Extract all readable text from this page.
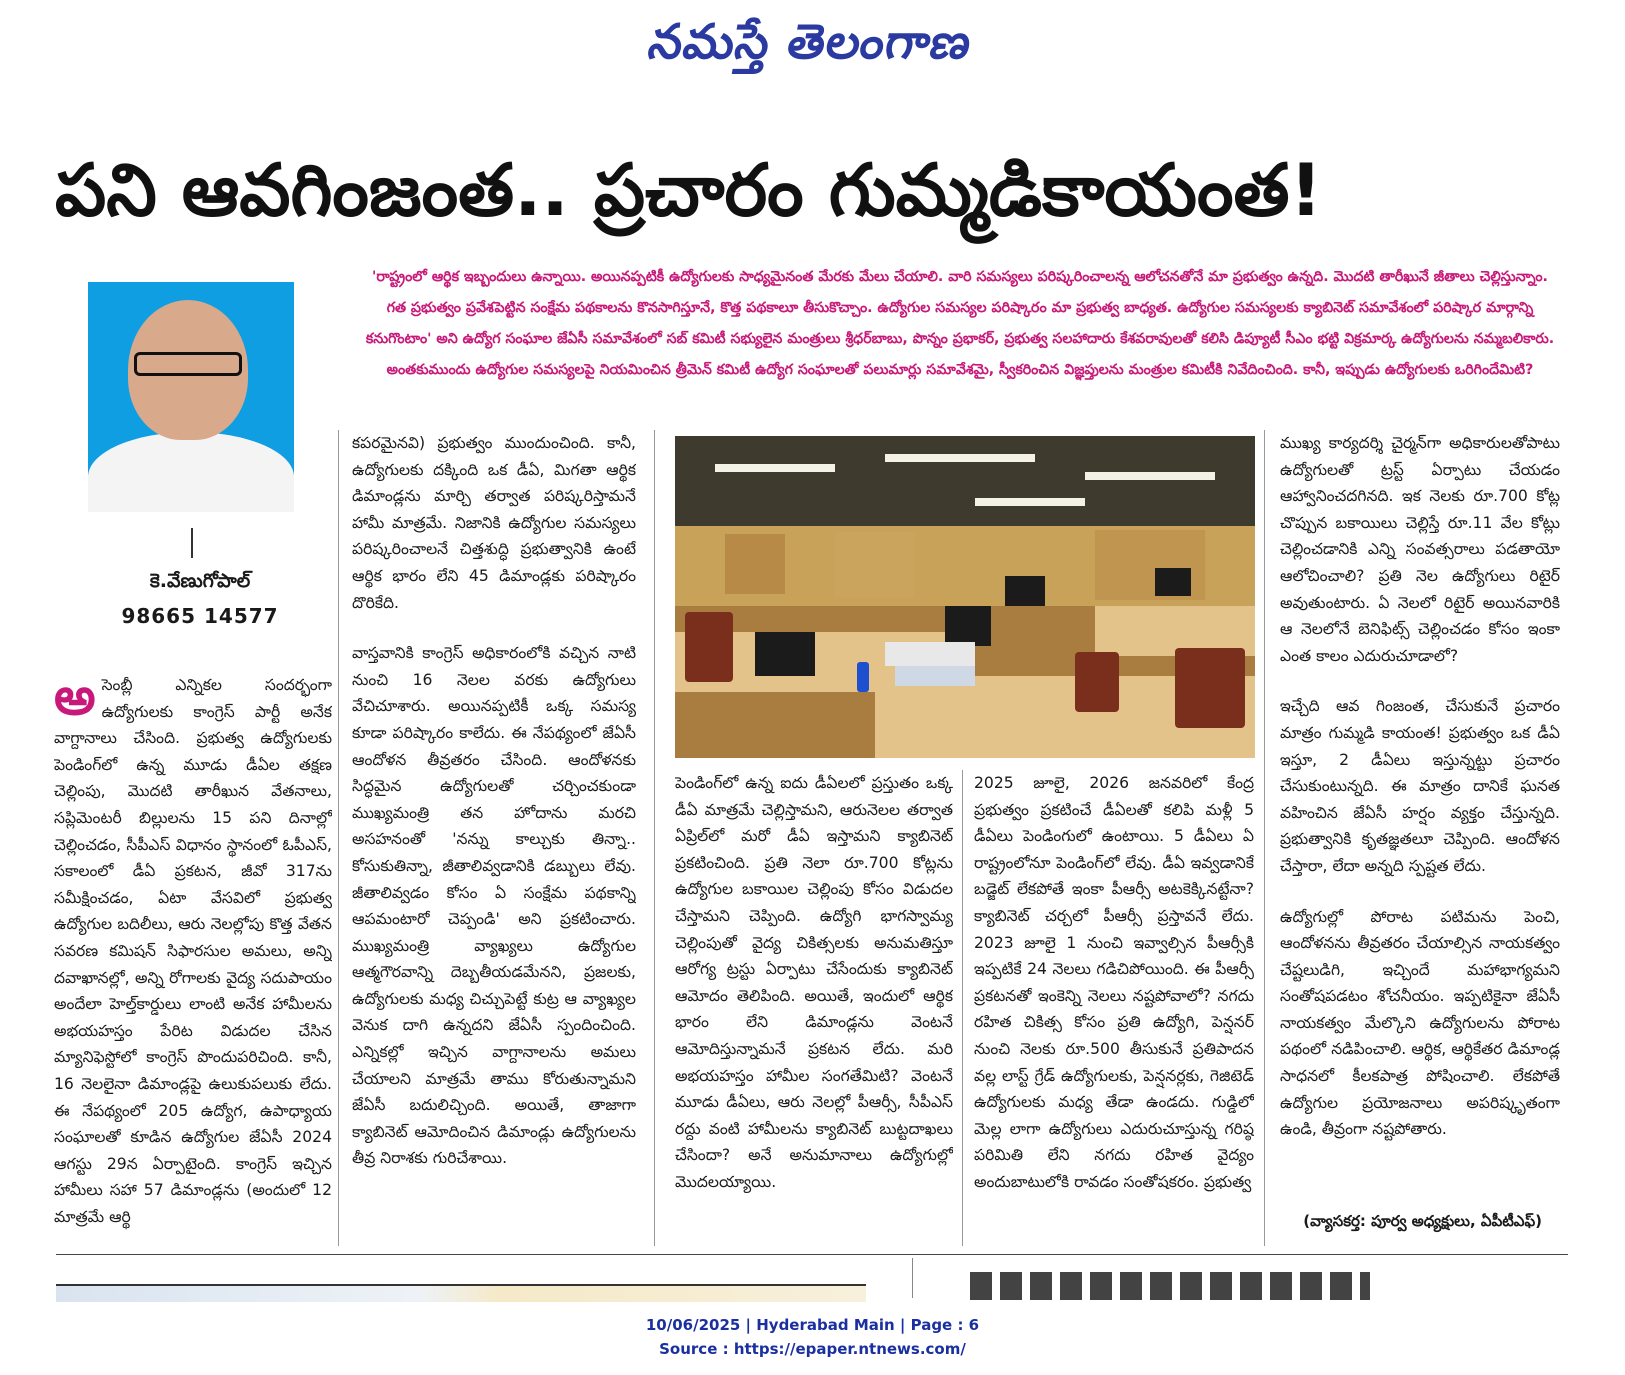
నమస్తే తెలంగాణ
పని ఆవగింజంత.. ప్రచారం గుమ్మడికాయంత!
'రాష్ట్రంలో ఆర్థిక ఇబ్బందులు ఉన్నాయి. అయినప్పటికీ ఉద్యోగులకు సాధ్యమైనంత మేరకు మేలు చేయాలి. వారి సమస్యలు పరిష్కరించాలన్న ఆలోచనతోనే మా ప్రభుత్వం ఉన్నది. మొదటి తారీఖునే జీతాలు చెల్లిస్తున్నాం. గత ప్రభుత్వం ప్రవేశపెట్టిన సంక్షేమ పథకాలను కొనసాగిస్తూనే, కొత్త పథకాలూ తీసుకొచ్చాం. ఉద్యోగుల సమస్యల పరిష్కారం మా ప్రభుత్వ బాధ్యత. ఉద్యోగుల సమస్యలకు క్యాబినెట్ సమావేశంలో పరిష్కార మార్గాన్ని కనుగొంటాం' అని ఉద్యోగ సంఘాల జేఏసీ సమావేశంలో సబ్ కమిటీ సభ్యులైన మంత్రులు శ్రీధర్‌బాబు, పొన్నం ప్రభాకర్, ప్రభుత్వ సలహాదారు కేశవరావులతో కలిసి డిప్యూటీ సీఎం భట్టి విక్రమార్క ఉద్యోగులను నమ్మబలికారు. అంతకుముందు ఉద్యోగుల సమస్యలపై నియమించిన త్రీమెన్ కమిటీ ఉద్యోగ సంఘాలతో పలుమార్లు సమావేశమై, స్వీకరించిన విజ్ఞప్తులను మంత్రుల కమిటీకి నివేదించింది. కానీ, ఇప్పుడు ఉద్యోగులకు ఒరిగిందేమిటి?
కె.వేణుగోపాల్
98665 14577
అ సెంబ్లీ ఎన్నికల సందర్భంగా ఉద్యోగులకు కాంగ్రెస్ పార్టీ అనేక వాగ్దానాలు చేసింది. ప్రభుత్వ ఉద్యోగులకు పెండింగ్‌లో ఉన్న మూడు డీఏల తక్షణ చెల్లింపు, మొదటి తారీఖున వేతనాలు, సప్లిమెంటరీ బిల్లులను 15 పని దినాల్లో చెల్లించడం, సీపీఎస్ విధానం స్థానంలో ఓపీఎస్, సకాలంలో డీఏ ప్రకటన, జీవో 317ను సమీక్షించడం, ఏటా వేసవిలో ప్రభుత్వ ఉద్యోగుల బదిలీలు, ఆరు నెలల్లోపు కొత్త వేతన సవరణ కమిషన్ సిఫారసుల అమలు, అన్ని దవాఖానల్లో, అన్ని రోగాలకు వైద్య సదుపాయం అందేలా హెల్త్‌కార్డులు లాంటి అనేక హామీలను అభయహస్తం పేరిట విడుదల చేసిన మ్యానిఫెస్టోలో కాంగ్రెస్ పొందుపరిచింది. కానీ, 16 నెలలైనా డిమాండ్లపై ఉలుకుపలుకు లేదు. ఈ నేపథ్యంలో 205 ఉద్యోగ, ఉపాధ్యాయ సంఘాలతో కూడిన ఉద్యోగుల జేఏసీ 2024 ఆగస్టు 29న ఏర్పాటైంది. కాంగ్రెస్ ఇచ్చిన హామీలు సహా 57 డిమాండ్లను (అందులో 12 మాత్రమే ఆర్థి

కపరమైనవి) ప్రభుత్వం ముందుంచింది. కానీ, ఉద్యోగులకు దక్కింది ఒక డీఏ, మిగతా ఆర్థిక డిమాండ్లను మార్చి తర్వాత పరిష్కరిస్తామనే హామీ మాత్రమే. నిజానికి ఉద్యోగుల సమస్యలు పరిష్కరించాలనే చిత్తశుద్ధి ప్రభుత్వానికి ఉంటే ఆర్థిక భారం లేని 45 డిమాండ్లకు పరిష్కారం దొరికేది.

వాస్తవానికి కాంగ్రెస్ అధికారంలోకి వచ్చిన నాటి నుంచి 16 నెలల వరకు ఉద్యోగులు వేచిచూశారు. అయినప్పటికీ ఒక్క సమస్య కూడా పరిష్కారం కాలేదు. ఈ నేపథ్యంలో జేఏసీ ఆందోళన తీవ్రతరం చేసింది. ఆందోళనకు సిద్ధమైన ఉద్యోగులతో చర్చించకుండా ముఖ్యమంత్రి తన హోదాను మరచి అసహనంతో 'నన్ను కాల్చుకు తిన్నా.. కోసుకుతిన్నా, జీతాలివ్వడానికి డబ్బులు లేవు. జీతాలివ్వడం కోసం ఏ సంక్షేమ పథకాన్ని ఆపమంటారో చెప్పండి' అని ప్రకటించారు. ముఖ్యమంత్రి వ్యాఖ్యలు ఉద్యోగుల ఆత్మగౌరవాన్ని దెబ్బతీయడమేనని, ప్రజలకు, ఉద్యోగులకు మధ్య చిచ్చుపెట్టే కుట్ర ఆ వ్యాఖ్యల వెనుక దాగి ఉన్నదని జేఏసీ స్పందించింది. ఎన్నికల్లో ఇచ్చిన వాగ్దానాలను అమలు చేయాలని మాత్రమే తాము కోరుతున్నామని జేఏసీ బదులిచ్చింది. అయితే, తాజాగా క్యాబినెట్ ఆమోదించిన డిమాండ్లు ఉద్యోగులను తీవ్ర నిరాశకు గురిచేశాయి.

పెండింగ్‌లో ఉన్న ఐదు డీఏలలో ప్రస్తుతం ఒక్క డీఏ మాత్రమే చెల్లిస్తామని, ఆరునెలల తర్వాత ఏప్రిల్‌లో మరో డీఏ ఇస్తామని క్యాబినెట్ ప్రకటించింది. ప్రతి నెలా రూ.700 కోట్లను ఉద్యోగుల బకాయిల చెల్లింపు కోసం విడుదల చేస్తామని చెప్పింది. ఉద్యోగి భాగస్వామ్య చెల్లింపుతో వైద్య చికిత్సలకు అనుమతిస్తూ ఆరోగ్య ట్రస్టు ఏర్పాటు చేసేందుకు క్యాబినెట్ ఆమోదం తెలిపింది. అయితే, ఇందులో ఆర్థిక భారం లేని డిమాండ్లను వెంటనే ఆమోదిస్తున్నామనే ప్రకటన లేదు. మరి అభయహస్తం హామీల సంగతేమిటి? వెంటనే మూడు డీఏలు, ఆరు నెలల్లో పీఆర్సీ, సీపీఎస్ రద్దు వంటి హామీలను క్యాబినెట్ బుట్టదాఖలు చేసిందా? అనే అనుమానాలు ఉద్యోగుల్లో మొదలయ్యాయి.
2025 జూలై, 2026 జనవరిలో కేంద్ర ప్రభుత్వం ప్రకటించే డీఏలతో కలిపి మళ్లీ 5 డీఏలు పెండింగులో ఉంటాయి. 5 డీఏలు ఏ రాష్ట్రంలోనూ పెండింగ్‌లో లేవు. డీఏ ఇవ్వడానికే బడ్జెట్ లేకపోతే ఇంకా పీఆర్సీ అటకెక్కినట్టేనా? క్యాబినెట్ చర్చలో పీఆర్సీ ప్రస్తావనే లేదు. 2023 జూలై 1 నుంచి ఇవ్వాల్సిన పీఆర్సీకి ఇప్పటికే 24 నెలలు గడిచిపోయింది. ఈ పీఆర్సీ ప్రకటనతో ఇంకెన్ని నెలలు నష్టపోవాలో? నగదు రహిత చికిత్స కోసం ప్రతి ఉద్యోగి, పెన్షనర్ నుంచి నెలకు రూ.500 తీసుకునే ప్రతిపాదన వల్ల లాస్ట్ గ్రేడ్ ఉద్యోగులకు, పెన్షనర్లకు, గెజిటెడ్ ఉద్యోగులకు మధ్య తేడా ఉండదు. గుడ్డిలో మెల్ల లాగా ఉద్యోగులు ఎదురుచూస్తున్న గరిష్ఠ పరిమితి లేని నగదు రహిత వైద్యం అందుబాటులోకి రావడం సంతోషకరం. ప్రభుత్వ

ముఖ్య కార్యదర్శి చైర్మన్‌గా అధికారులతోపాటు ఉద్యోగులతో ట్రస్ట్ ఏర్పాటు చేయడం ఆహ్వానించదగినది. ఇక నెలకు రూ.700 కోట్ల చొప్పున బకాయిలు చెల్లిస్తే రూ.11 వేల కోట్లు చెల్లించడానికి ఎన్ని సంవత్సరాలు పడతాయో ఆలోచించాలి? ప్రతి నెల ఉద్యోగులు రిటైర్ అవుతుంటారు. ఏ నెలలో రిటైర్ అయినవారికి ఆ నెలలోనే బెనిఫిట్స్ చెల్లించడం కోసం ఇంకా ఎంత కాలం ఎదురుచూడాలో?

ఇచ్చేది ఆవ గింజంత, చేసుకునే ప్రచారం మాత్రం గుమ్మడి కాయంత! ప్రభుత్వం ఒక డీఏ ఇస్తూ, 2 డీఏలు ఇస్తున్నట్టు ప్రచారం చేసుకుంటున్నది. ఈ మాత్రం దానికే ఘనత వహించిన జేఏసీ హర్షం వ్యక్తం చేస్తున్నది. ప్రభుత్వానికి కృతజ్ఞతలూ చెప్పింది. ఆందోళన చేస్తారా, లేదా అన్నది స్పష్టత లేదు.

ఉద్యోగుల్లో పోరాట పటిమను పెంచి, ఆందోళనను తీవ్రతరం చేయాల్సిన నాయకత్వం చేష్టలుడిగి, ఇచ్చిందే మహాభాగ్యమని సంతోషపడటం శోచనీయం. ఇప్పటికైనా జేఏసీ నాయకత్వం మేల్కొని ఉద్యోగులను పోరాట పథంలో నడిపించాలి. ఆర్థిక, ఆర్థికేతర డిమాండ్ల సాధనలో కీలకపాత్ర పోషించాలి. లేకపోతే ఉద్యోగుల ప్రయోజనాలు అపరిష్కృతంగా ఉండి, తీవ్రంగా నష్టపోతారు.

(వ్యాసకర్త: పూర్వ అధ్యక్షులు, ఏపీటీఎఫ్)
10/06/2025 | Hyderabad Main | Page : 6
Source : https://epaper.ntnews.com/
